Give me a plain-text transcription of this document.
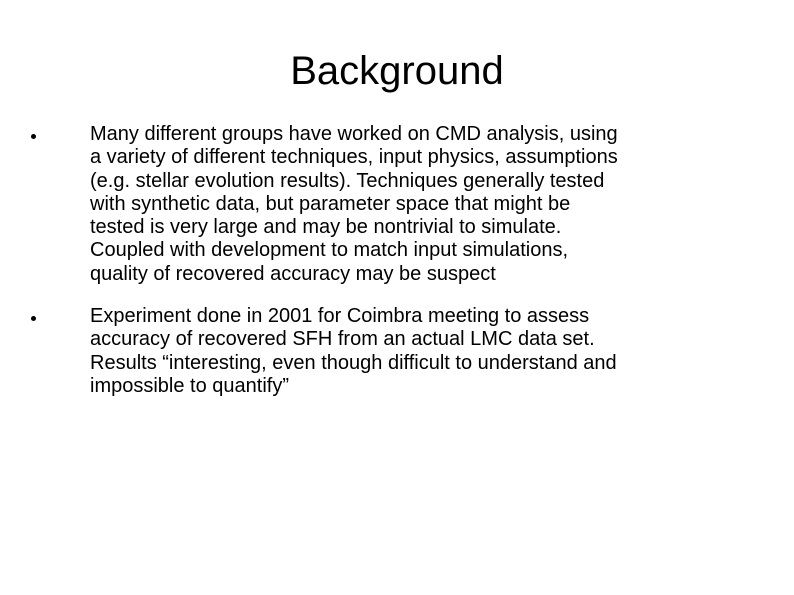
Background
Many different groups have worked on CMD analysis, using
a variety of different techniques, input physics, assumptions
(e.g. stellar evolution results). Techniques generally tested
with synthetic data, but parameter space that might be
tested is very large and may be nontrivial to simulate.
Coupled with development to match input simulations,
quality of recovered accuracy may be suspect
Experiment done in 2001 for Coimbra meeting to assess
accuracy of recovered SFH from an actual LMC data set.
Results “interesting, even though difficult to understand and
impossible to quantify”
